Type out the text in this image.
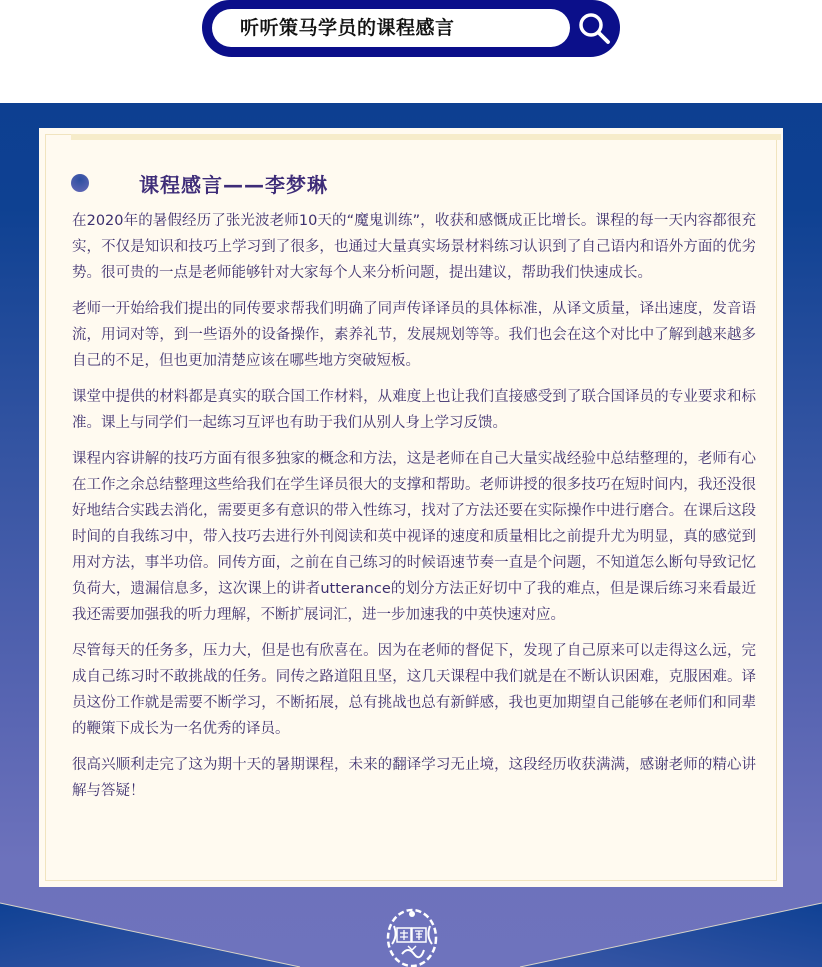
听听策马学员的课程感言
课程感言——李梦琳

在2020年的暑假经历了张光波老师10天的“魔鬼训练”，收获和感慨成正比增长。课程的每一天内容都很充实，不仅是知识和技巧上学习到了很多，也通过大量真实场景材料练习认识到了自己语内和语外方面的优劣势。很可贵的一点是老师能够针对大家每个人来分析问题，提出建议，帮助我们快速成长。

老师一开始给我们提出的同传要求帮我们明确了同声传译译员的具体标准，从译文质量，译出速度，发音语流，用词对等，到一些语外的设备操作，素养礼节，发展规划等等。我们也会在这个对比中了解到越来越多自己的不足，但也更加清楚应该在哪些地方突破短板。

课堂中提供的材料都是真实的联合国工作材料，从难度上也让我们直接感受到了联合国译员的专业要求和标准。课上与同学们一起练习互评也有助于我们从别人身上学习反馈。

课程内容讲解的技巧方面有很多独家的概念和方法，这是老师在自己大量实战经验中总结整理的，老师有心在工作之余总结整理这些给我们在学生译员很大的支撑和帮助。老师讲授的很多技巧在短时间内，我还没很好地结合实践去消化，需要更多有意识的带入性练习，找对了方法还要在实际操作中进行磨合。在课后这段时间的自我练习中，带入技巧去进行外刊阅读和英中视译的速度和质量相比之前提升尤为明显，真的感觉到用对方法，事半功倍。同传方面，之前在自己练习的时候语速节奏一直是个问题，不知道怎么断句导致记忆负荷大，遗漏信息多，这次课上的讲者utterance的划分方法正好切中了我的难点，但是课后练习来看最近我还需要加强我的听力理解，不断扩展词汇，进一步加速我的中英快速对应。

尽管每天的任务多，压力大，但是也有欣喜在。因为在老师的督促下，发现了自己原来可以走得这么远，完成自己练习时不敢挑战的任务。同传之路道阻且坚，这几天课程中我们就是在不断认识困难，克服困难。译员这份工作就是需要不断学习，不断拓展，总有挑战也总有新鲜感，我也更加期望自己能够在老师们和同辈的鞭策下成长为一名优秀的译员。

很高兴顺利走完了这为期十天的暑期课程，未来的翻译学习无止境，这段经历收获满满，感谢老师的精心讲解与答疑！
